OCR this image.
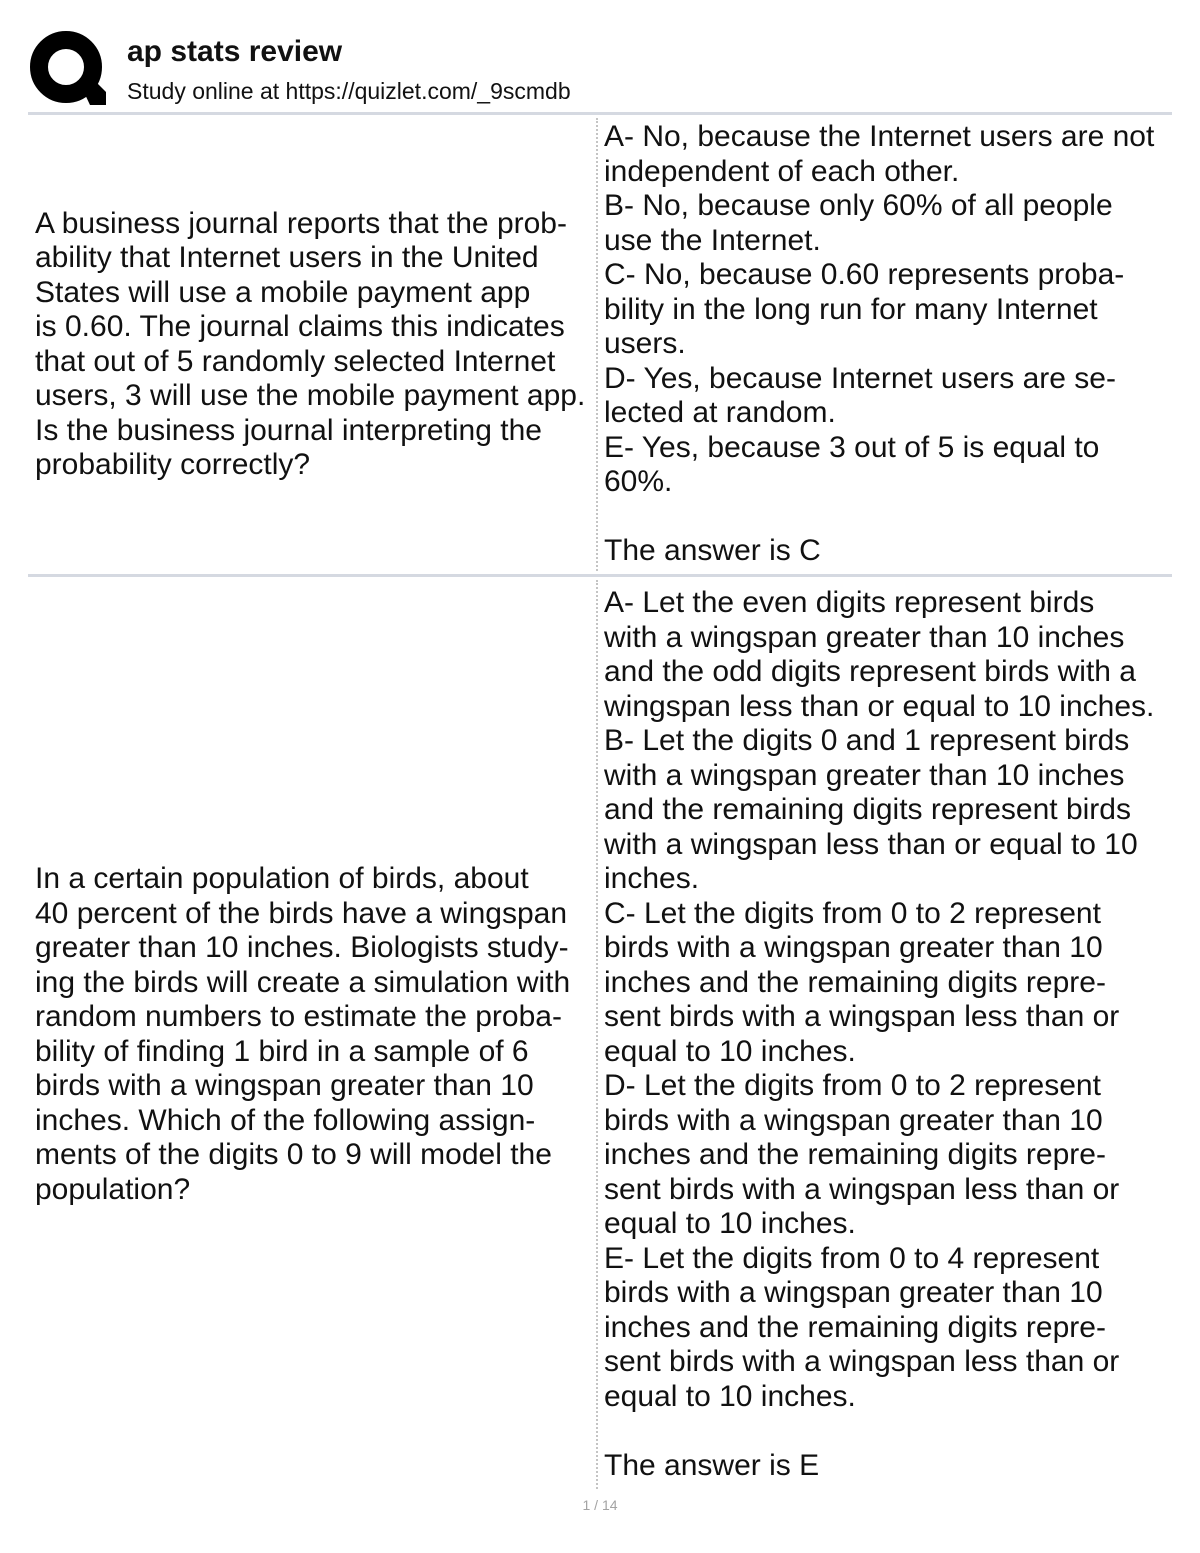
ap stats review
Study online at https://quizlet.com/_9scmdb
A business journal reports that the prob-
ability that Internet users in the United
States will use a mobile payment app
is 0.60. The journal claims this indicates
that out of 5 randomly selected Internet
users, 3 will use the mobile payment app.
Is the business journal interpreting the
probability correctly?
A- No, because the Internet users are not
independent of each other.
B- No, because only 60% of all people
use the Internet.
C- No, because 0.60 represents proba-
bility in the long run for many Internet
users.
D- Yes, because Internet users are se-
lected at random.
E- Yes, because 3 out of 5 is equal to
60%.
The answer is C
In a certain population of birds, about
40 percent of the birds have a wingspan
greater than 10 inches. Biologists study-
ing the birds will create a simulation with
random numbers to estimate the proba-
bility of finding 1 bird in a sample of 6
birds with a wingspan greater than 10
inches. Which of the following assign-
ments of the digits 0 to 9 will model the
population?
A- Let the even digits represent birds
with a wingspan greater than 10 inches
and the odd digits represent birds with a
wingspan less than or equal to 10 inches.
B- Let the digits 0 and 1 represent birds
with a wingspan greater than 10 inches
and the remaining digits represent birds
with a wingspan less than or equal to 10
inches.
C- Let the digits from 0 to 2 represent
birds with a wingspan greater than 10
inches and the remaining digits repre-
sent birds with a wingspan less than or
equal to 10 inches.
D- Let the digits from 0 to 2 represent
birds with a wingspan greater than 10
inches and the remaining digits repre-
sent birds with a wingspan less than or
equal to 10 inches.
E- Let the digits from 0 to 4 represent
birds with a wingspan greater than 10
inches and the remaining digits repre-
sent birds with a wingspan less than or
equal to 10 inches.
The answer is E
1 / 14
